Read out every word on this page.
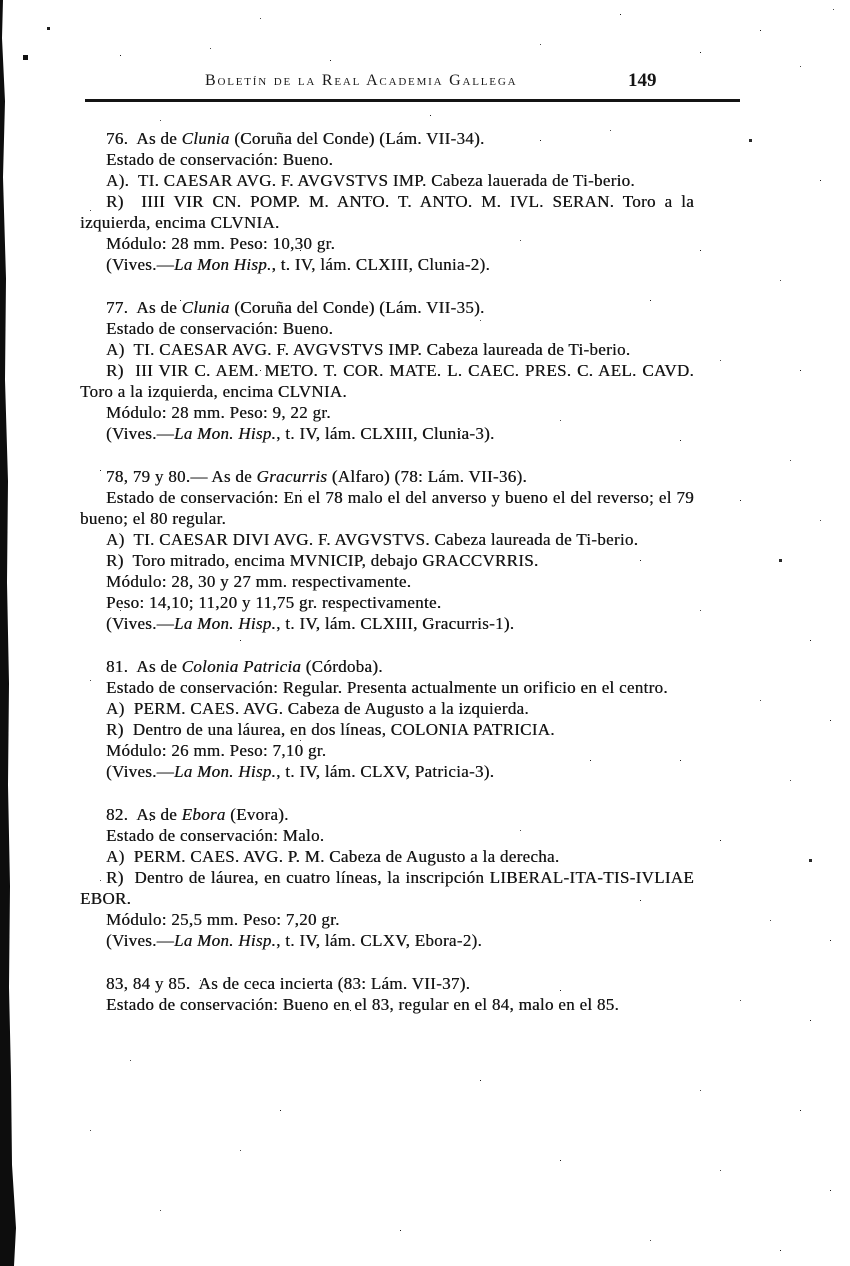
Boletín de la Real Academia Gallega	149

76.  As de Clunia (Coruña del Conde) (Lám. VII-34).

Estado de conservación: Bueno.

A).  TI. CAESAR AVG. F. AVGVSTVS IMP. Cabeza lauerada de Ti-berio.

R)  IIII VIR CN. POMP. M. ANTO. T. ANTO. M. IVL. SERAN. Toro a la izquierda, encima CLVNIA.

Módulo: 28 mm. Peso: 10,30 gr.

(Vives.—La Mon Hisp., t. IV, lám. CLXIII, Clunia-2).

77.  As de Clunia (Coruña del Conde) (Lám. VII-35).

Estado de conservación: Bueno.

A)  TI. CAESAR AVG. F. AVGVSTVS IMP. Cabeza laureada de Ti-berio.

R)  III VIR C. AEM. METO. T. COR. MATE. L. CAEC. PRES. C. AEL. CAVD. Toro a la izquierda, encima CLVNIA.

Módulo: 28 mm. Peso: 9, 22 gr.

(Vives.—La Mon. Hisp., t. IV, lám. CLXIII, Clunia-3).

78, 79 y 80.— As de Gracurris (Alfaro) (78: Lám. VII-36).

Estado de conservación: En el 78 malo el del anverso y bueno el del reverso; el 79 bueno; el 80 regular.

A)  TI. CAESAR DIVI AVG. F. AVGVSTVS. Cabeza laureada de Ti-berio.

R)  Toro mitrado, encima MVNICIP, debajo GRACCVRRIS.

Módulo: 28, 30 y 27 mm. respectivamente.

Peso: 14,10; 11,20 y 11,75 gr. respectivamente.

(Vives.—La Mon. Hisp., t. IV, lám. CLXIII, Gracurris-1).

81.  As de Colonia Patricia (Córdoba).

Estado de conservación: Regular. Presenta actualmente un orificio en el centro.

A)  PERM. CAES. AVG. Cabeza de Augusto a la izquierda.

R)  Dentro de una láurea, en dos líneas, COLONIA PATRICIA.

Módulo: 26 mm. Peso: 7,10 gr.

(Vives.—La Mon. Hisp., t. IV, lám. CLXV, Patricia-3).

82.  As de Ebora (Evora).

Estado de conservación: Malo.

A)  PERM. CAES. AVG. P. M. Cabeza de Augusto a la derecha.

R)  Dentro de láurea, en cuatro líneas, la inscripción LIBERAL-ITA-TIS-IVLIAE EBOR.

Módulo: 25,5 mm. Peso: 7,20 gr.

(Vives.—La Mon. Hisp., t. IV, lám. CLXV, Ebora-2).

83, 84 y 85.  As de ceca incierta (83: Lám. VII-37).

Estado de conservación: Bueno en el 83, regular en el 84, malo en el 85.
